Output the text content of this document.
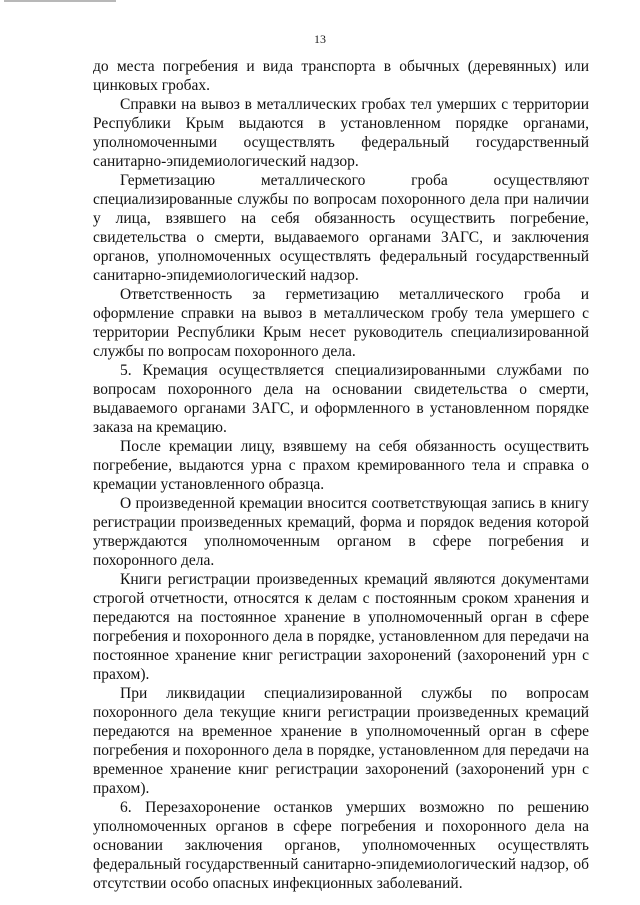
13

до места погребения и вида транспорта в обычных (деревянных) или цинковых гробах.

Справки на вывоз в металлических гробах тел умерших с территории Республики Крым выдаются в установленном порядке органами, уполномоченными осуществлять федеральный государственный санитарно-эпидемиологический надзор.

Герметизацию металлического гроба осуществляют специализированные службы по вопросам похоронного дела при наличии у лица, взявшего на себя обязанность осуществить погребение, свидетельства о смерти, выдаваемого органами ЗАГС, и заключения органов, уполномоченных осуществлять федеральный государственный санитарно-эпидемиологический надзор.

Ответственность за герметизацию металлического гроба и оформление справки на вывоз в металлическом гробу тела умершего с территории Республики Крым несет руководитель специализированной службы по вопросам похоронного дела.

5. Кремация осуществляется специализированными службами по вопросам похоронного дела на основании свидетельства о смерти, выдаваемого органами ЗАГС, и оформленного в установленном порядке заказа на кремацию.

После кремации лицу, взявшему на себя обязанность осуществить погребение, выдаются урна с прахом кремированного тела и справка о кремации установленного образца.

О произведенной кремации вносится соответствующая запись в книгу регистрации произведенных кремаций, форма и порядок ведения которой утверждаются уполномоченным органом в сфере погребения и похоронного дела.

Книги регистрации произведенных кремаций являются документами строгой отчетности, относятся к делам с постоянным сроком хранения и передаются на постоянное хранение в уполномоченный орган в сфере погребения и похоронного дела в порядке, установленном для передачи на постоянное хранение книг регистрации захоронений (захоронений урн с прахом).

При ликвидации специализированной службы по вопросам похоронного дела текущие книги регистрации произведенных кремаций передаются на временное хранение в уполномоченный орган в сфере погребения и похоронного дела в порядке, установленном для передачи на временное хранение книг регистрации захоронений (захоронений урн с прахом).

6. Перезахоронение останков умерших возможно по решению уполномоченных органов в сфере погребения и похоронного дела на основании заключения органов, уполномоченных осуществлять федеральный государственный санитарно-эпидемиологический надзор, об отсутствии особо опасных инфекционных заболеваний.
